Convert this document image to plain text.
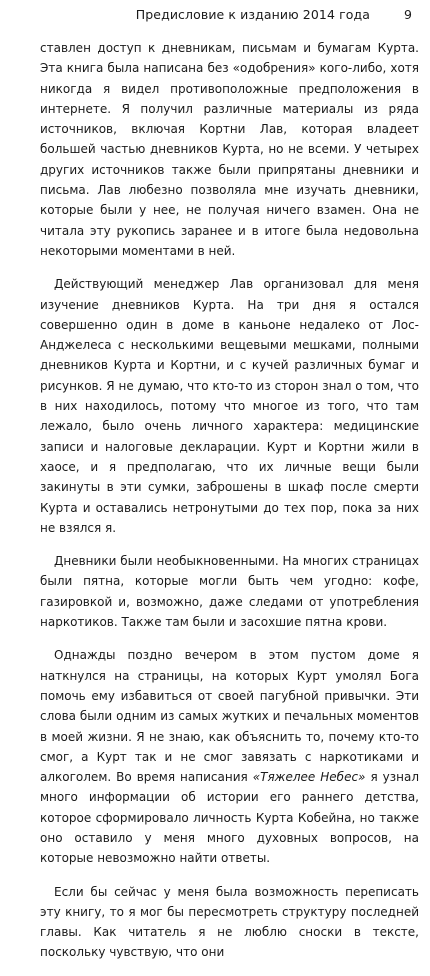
Предисловие к изданию 2014 года	9

ставлен доступ к дневникам, письмам и бумагам Курта. Эта книга была написана без «одобрения» кого-либо, хотя никогда я видел противоположные предположения в интернете. Я получил различные материалы из ряда источников, включая Кортни Лав, которая владеет большей частью дневников Курта, но не всеми. У четырех других источников также были припрятаны дневники и письма. Лав любезно позволяла мне изучать дневники, которые были у нее, не получая ничего взамен. Она не читала эту рукопись заранее и в итоге была недовольна некоторыми моментами в ней.

Действующий менеджер Лав организовал для меня изучение дневников Курта. На три дня я остался совершенно один в доме в каньоне недалеко от Лос-Анджелеса с несколькими вещевыми мешками, полными дневников Курта и Кортни, и с кучей различных бумаг и рисунков. Я не думаю, что кто-то из сторон знал о том, что в них находилось, потому что многое из того, что там лежало, было очень личного характера: медицинские записи и налоговые декларации. Курт и Кортни жили в хаосе, и я предполагаю, что их личные вещи были закинуты в эти сумки, заброшены в шкаф после смерти Курта и оставались нетронутыми до тех пор, пока за них не взялся я.

Дневники были необыкновенными. На многих страницах были пятна, которые могли быть чем угодно: кофе, газировкой и, возможно, даже следами от употребления наркотиков. Также там были и засохшие пятна крови.

Однажды поздно вечером в этом пустом доме я наткнулся на страницы, на которых Курт умолял Бога помочь ему избавиться от своей пагубной привычки. Эти слова были одним из самых жутких и печальных моментов в моей жизни. Я не знаю, как объяснить то, почему кто-то смог, а Курт так и не смог завязать с наркотиками и алкоголем. Во время написания «Тяжелее Небес» я узнал много информации об истории его раннего детства, которое сформировало личность Курта Кобейна, но также оно оставило у меня много духовных вопросов, на которые невозможно найти ответы.

Если бы сейчас у меня была возможность переписать эту книгу, то я мог бы пересмотреть структуру последней главы. Как читатель я не люблю сноски в тексте, поскольку чувствую, что они
